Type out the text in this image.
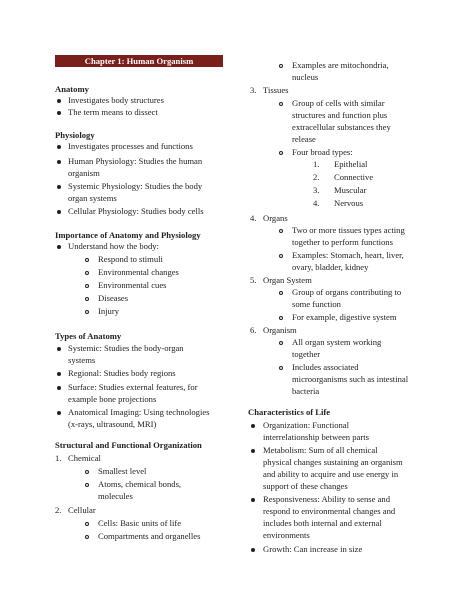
Chapter 1: Human Organism
Anatomy
Investigates body structures
The term means to dissect
Physiology
Investigates processes and functions
Human Physiology: Studies the human
organism
Systemic Physiology: Studies the body
organ systems
Cellular Physiology: Studies body cells
Importance of Anatomy and Physiology
Understand how the body:
Respond to stimuli
Environmental changes
Environmental cues
Diseases
Injury
Types of Anatomy
Systemic: Studies the body-organ
systems
Regional: Studies body regions
Surface: Studies external features, for
example bone projections
Anatomical Imaging: Using technologies
(x-rays, ultrasound, MRI)
Structural and Functional Organization
1. Chemical
Smallest level
Atoms, chemical bonds,
molecules
2. Cellular
Cells: Basic units of life
Compartments and organelles
Examples are mitochondria,
nucleus
3. Tissues
Group of cells with similar
structures and function plus
extracellular substances they
release
Four broad types:
1. Epithelial
2. Connective
3. Muscular
4. Nervous
4. Organs
Two or more tissues types acting
together to perform functions
Examples: Stomach, heart, liver,
ovary, bladder, kidney
5. Organ System
Group of organs contributing to
some function
For example, digestive system
6. Organism
All organ system working
together
Includes associated
microorganisms such as intestinal
bacteria
Characteristics of Life
Organization: Functional
interrelationship between parts
Metabolism: Sum of all chemical
physical changes sustaining an organism
and ability to acquire and use energy in
support of these changes
Responsiveness: Ability to sense and
respond to environmental changes and
includes both internal and external
environments
Growth: Can increase in size
